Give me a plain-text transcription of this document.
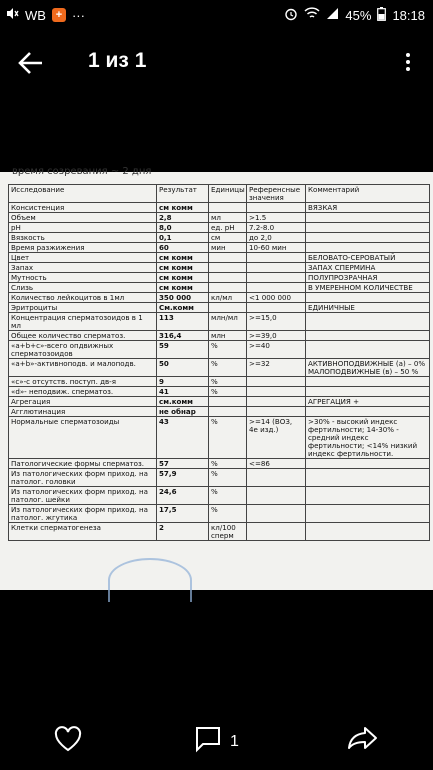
WB + ···	45% 18:18
1 из 1
время созревания ~ 2 дня
Исследование	Результат	Единицы	Референсные значения	Комментарий
Консистенция	см комм			ВЯЗКАЯ
Объем	2,8	мл	>1.5	
pH	8,0	ед. pH	7.2-8.0	
Вязкость	0,1	см	до 2,0	
Время разжижения	60	мин	10-60 мин	
Цвет	см комм			БЕЛОВАТО-СЕРОВАТЫЙ
Запах	см комм			ЗАПАХ СПЕРМИНА
Мутность	см комм			ПОЛУПРОЗРАЧНАЯ
Слизь	см комм			В УМЕРЕННОМ КОЛИЧЕСТВЕ
Количество лейкоцитов в 1мл	350 000	кл/мл	<1 000 000	
Эритроциты	См.комм			ЕДИНИЧНЫЕ
Концентрация сперматозоидов в 1 мл	113	млн/мл	>=15,0	
Общее количество сперматоз.	316,4	млн	>=39,0	
«а+b+c»-всего опдвижных сперматозоидов	59	%	>=40	
«а+b»-активноподв. и малоподв.	50	%	>=32	АКТИВНОПОДВИЖНЫЕ (а) – 0% МАЛОПОДВИЖНЫЕ (в) – 50 %
«с»-с отсутств. поступ. дв-я	9	%		
«d»- неподвиж. сперматоз.	41	%		
Агрегация	см.комм			АГРЕГАЦИЯ +
Агглютинация	не обнар			
Нормальные сперматозоиды	43	%	>=14 (ВОЗ, 4е изд.)	>30% - высокий индекс фертильности; 14-30% - средний индекс фертильности; <14% низкий индекс фертильности.
Патологические формы сперматоз.	57	%	<=86	
Из патологических форм приход. на патолог. головки	57,9	%		
Из патологических форм приход. на патолог. шейки	24,6	%		
Из патологических форм приход. на патолог. жгутика	17,5	%		
Клетки сперматогенеза	2	кл/100 сперм		
1
